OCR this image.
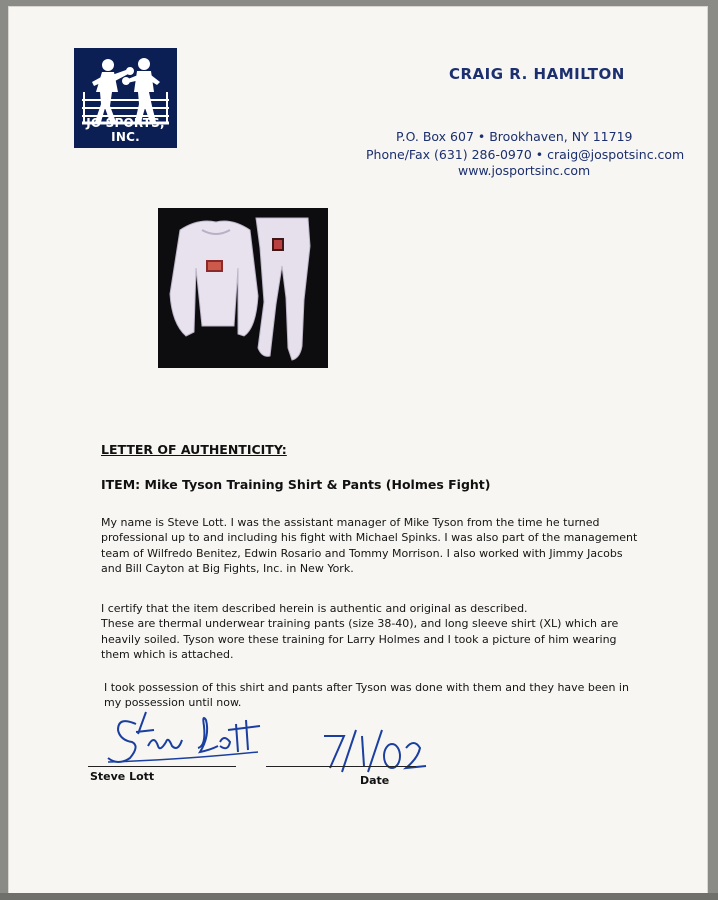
JO SPORTS, INC.
CRAIG R. HAMILTON
P.O. Box 607 • Brookhaven, NY 11719
Phone/Fax (631) 286-0970 • craig@jospotsinc.com
www.josportsinc.com
LETTER OF AUTHENTICITY:
ITEM: Mike Tyson Training Shirt & Pants (Holmes Fight)
My name is Steve Lott. I was the assistant manager of Mike Tyson from the time he turned professional up to and including his fight with Michael Spinks. I was also part of the management team of Wilfredo Benitez, Edwin Rosario and Tommy Morrison. I also worked with Jimmy Jacobs and Bill Cayton at Big Fights, Inc. in New York.
I certify that the item described herein is authentic and original as described.
These are thermal underwear training pants (size 38-40), and long sleeve shirt (XL) which are heavily soiled. Tyson wore these training for Larry Holmes and I took a picture of him wearing them which is attached.
I took possession of this shirt and pants after Tyson was done with them and they have been in my possession until now.
Steve Lott	Date
